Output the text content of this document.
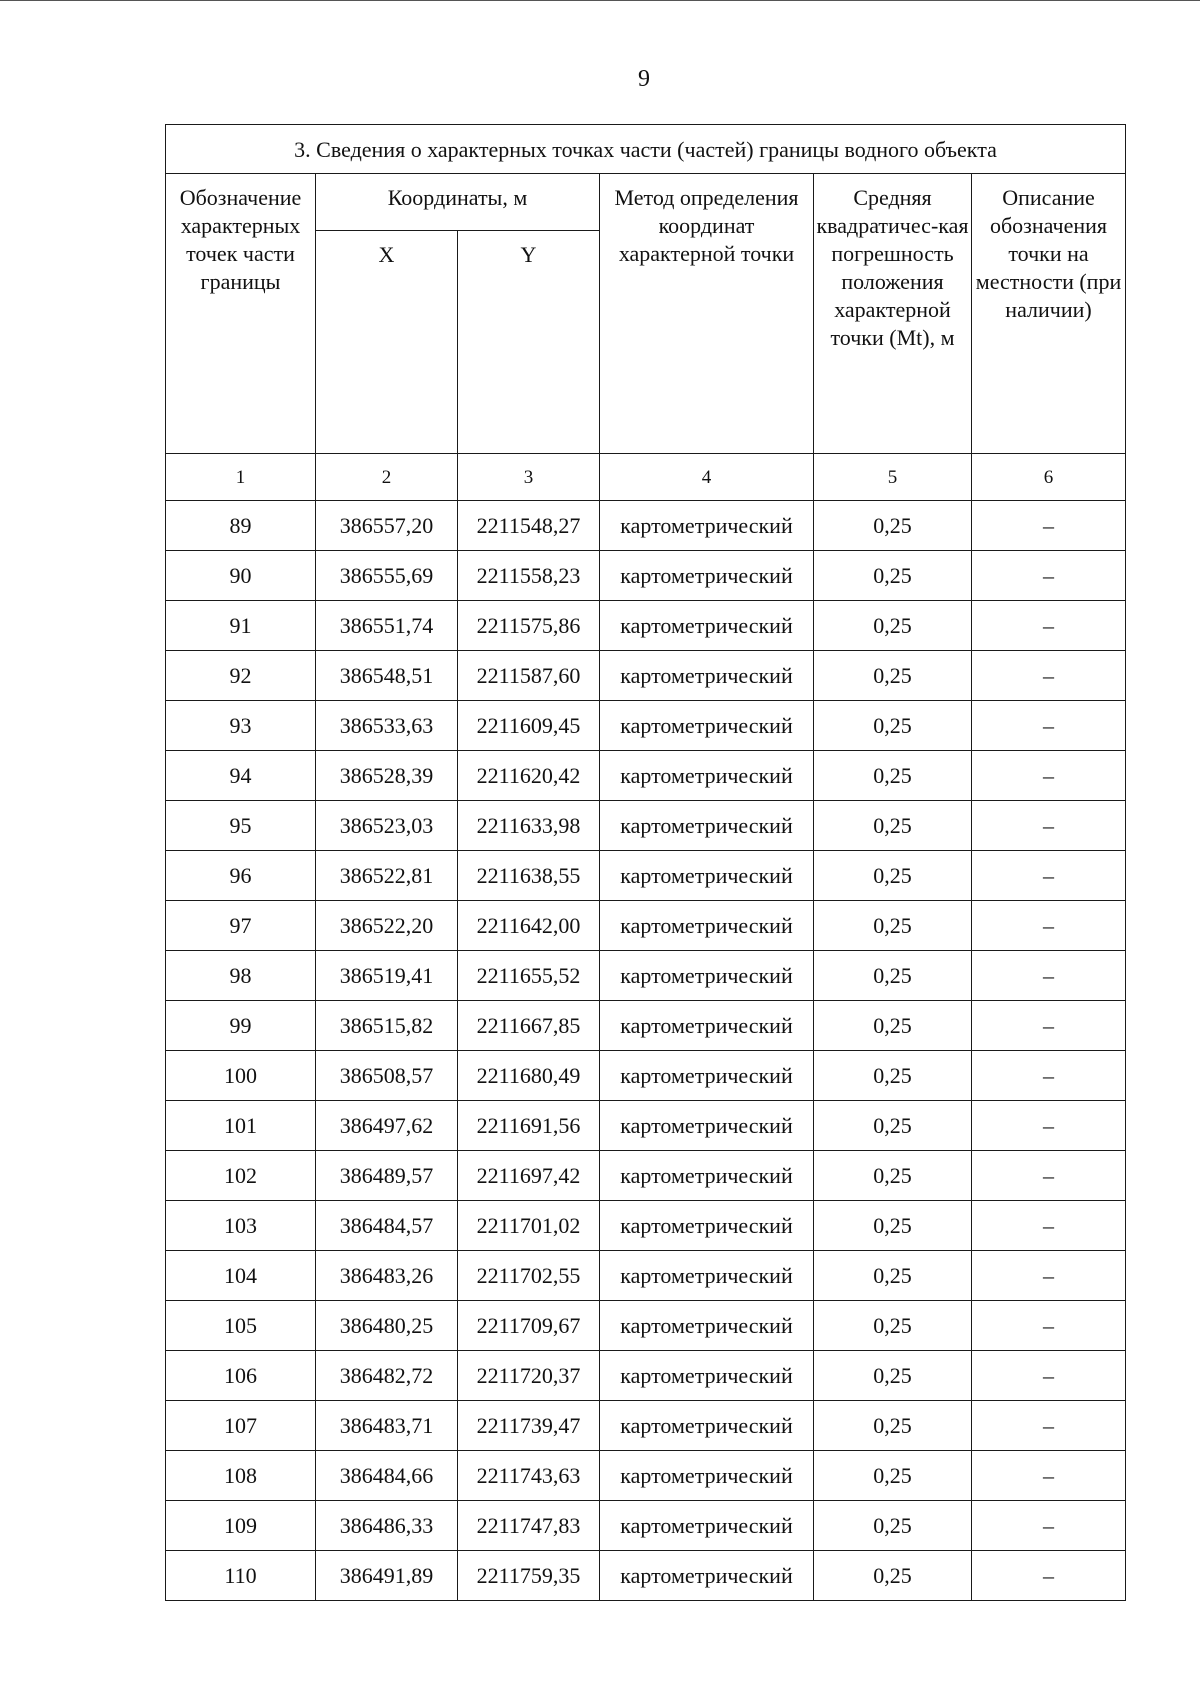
9
3. Сведения о характерных точках части (частей) границы водного объекта					
Обозначение характерных точек части границы	Координаты, м		Метод определения координат характерной точки	Средняя квадратичес-кая погрешность положения характерной точки (Mt), м	Описание обозначения точки на местности (при наличии)
	X	Y			

1	2	3	4	5	6
89	386557,20	2211548,27	картометрический	0,25	–
90	386555,69	2211558,23	картометрический	0,25	–
91	386551,74	2211575,86	картометрический	0,25	–
92	386548,51	2211587,60	картометрический	0,25	–
93	386533,63	2211609,45	картометрический	0,25	–
94	386528,39	2211620,42	картометрический	0,25	–
95	386523,03	2211633,98	картометрический	0,25	–
96	386522,81	2211638,55	картометрический	0,25	–
97	386522,20	2211642,00	картометрический	0,25	–
98	386519,41	2211655,52	картометрический	0,25	–
99	386515,82	2211667,85	картометрический	0,25	–
100	386508,57	2211680,49	картометрический	0,25	–
101	386497,62	2211691,56	картометрический	0,25	–
102	386489,57	2211697,42	картометрический	0,25	–
103	386484,57	2211701,02	картометрический	0,25	–
104	386483,26	2211702,55	картометрический	0,25	–
105	386480,25	2211709,67	картометрический	0,25	–
106	386482,72	2211720,37	картометрический	0,25	–
107	386483,71	2211739,47	картометрический	0,25	–
108	386484,66	2211743,63	картометрический	0,25	–
109	386486,33	2211747,83	картометрический	0,25	–
110	386491,89	2211759,35	картометрический	0,25	–
